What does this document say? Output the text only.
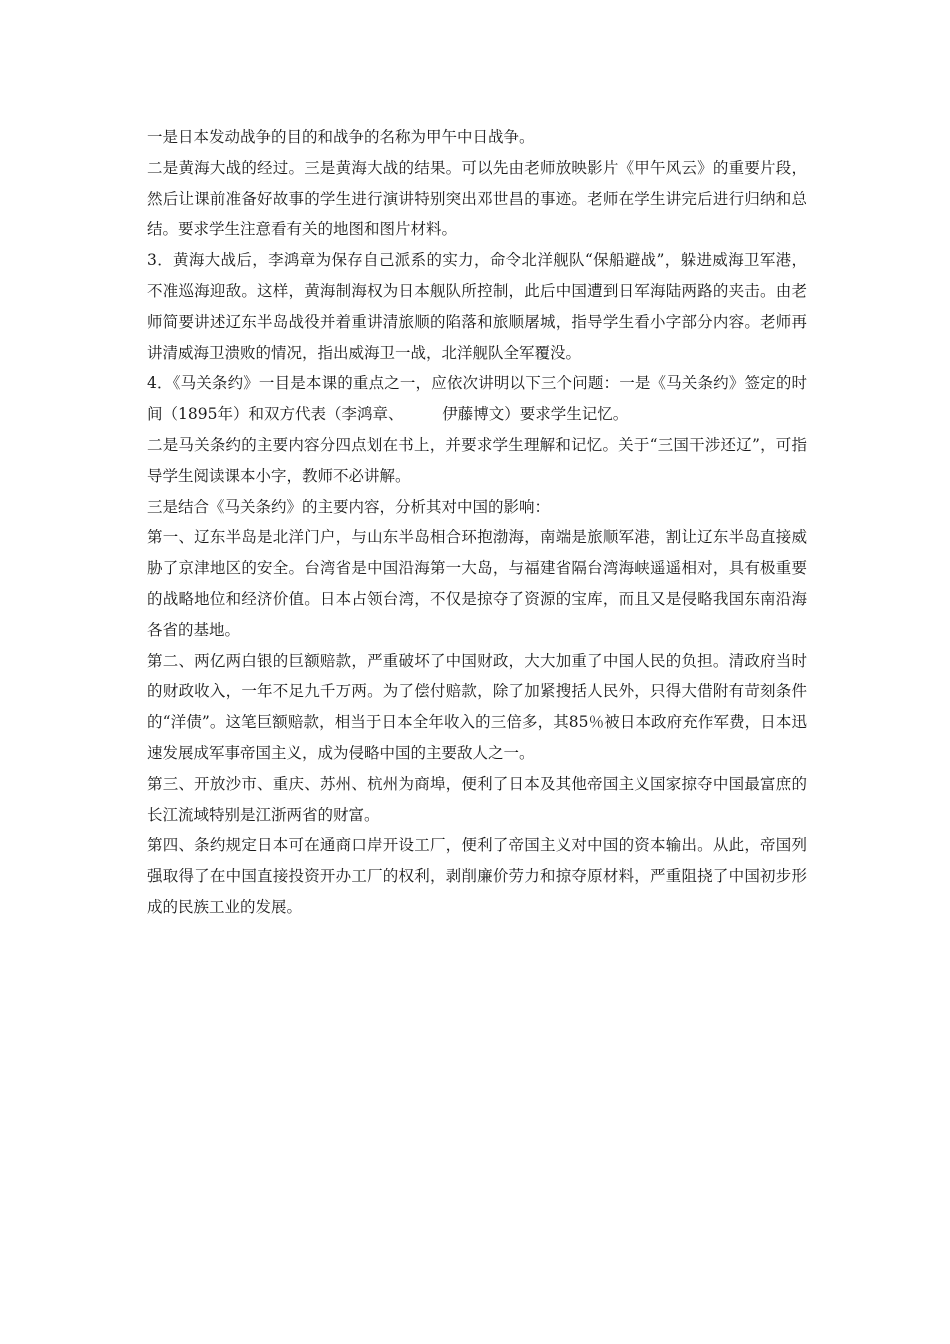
一是日本发动战争的目的和战争的名称为甲午中日战争。

二是黄海大战的经过。三是黄海大战的结果。可以先由老师放映影片《甲午风云》的重要片段，然后让课前准备好故事的学生进行演讲特别突出邓世昌的事迹。老师在学生讲完后进行归纳和总结。要求学生注意看有关的地图和图片材料。

3．黄海大战后，李鸿章为保存自己派系的实力，命令北洋舰队“保船避战”，躲进威海卫军港，不准巡海迎敌。这样，黄海制海权为日本舰队所控制，此后中国遭到日军海陆两路的夹击。由老师简要讲述辽东半岛战役并着重讲清旅顺的陷落和旅顺屠城，指导学生看小字部分内容。老师再讲清威海卫溃败的情况，指出威海卫一战，北洋舰队全军覆没。

4．《马关条约》一目是本课的重点之一，应依次讲明以下三个问题：一是《马关条约》签定的时间（1895年）和双方代表（李鸿章、　　　伊藤博文）要求学生记忆。

二是马关条约的主要内容分四点划在书上，并要求学生理解和记忆。关于“三国干涉还辽”，可指导学生阅读课本小字，教师不必讲解。

三是结合《马关条约》的主要内容，分析其对中国的影响：

第一、辽东半岛是北洋门户，与山东半岛相合环抱渤海，南端是旅顺军港，割让辽东半岛直接威胁了京津地区的安全。台湾省是中国沿海第一大岛，与福建省隔台湾海峡遥遥相对，具有极重要的战略地位和经济价值。日本占领台湾，不仅是掠夺了资源的宝库，而且又是侵略我国东南沿海各省的基地。

第二、两亿两白银的巨额赔款，严重破坏了中国财政，大大加重了中国人民的负担。清政府当时的财政收入，一年不足九千万两。为了偿付赔款，除了加紧搜括人民外，只得大借附有苛刻条件的“洋债”。这笔巨额赔款，相当于日本全年收入的三倍多，其85％被日本政府充作军费，日本迅速发展成军事帝国主义，成为侵略中国的主要敌人之一。

第三、开放沙市、重庆、苏州、杭州为商埠，便利了日本及其他帝国主义国家掠夺中国最富庶的长江流域特别是江浙两省的财富。

第四、条约规定日本可在通商口岸开设工厂，便利了帝国主义对中国的资本输出。从此，帝国列强取得了在中国直接投资开办工厂的权利，剥削廉价劳力和掠夺原材料，严重阻挠了中国初步形成的民族工业的发展。
